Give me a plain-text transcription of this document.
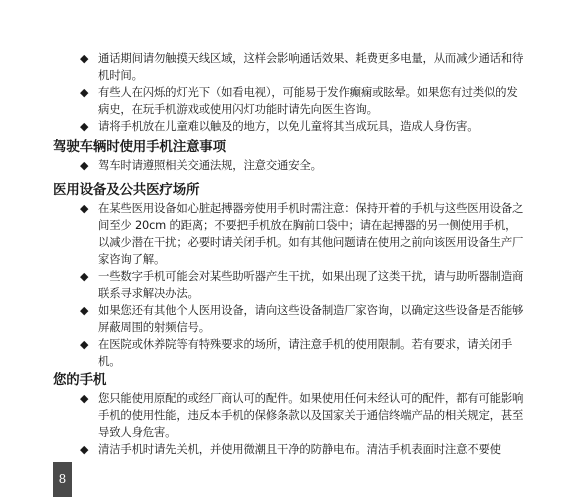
◆ 通话期间请勿触摸天线区域，这样会影响通话效果、耗费更多电量，从而减少通话和待机时间。
◆ 有些人在闪烁的灯光下（如看电视），可能易于发作癫痫或眩晕。如果您有过类似的发病史，在玩手机游戏或使用闪灯功能时请先向医生咨询。
◆ 请将手机放在儿童难以触及的地方，以免儿童将其当成玩具，造成人身伤害。
驾驶车辆时使用手机注意事项
◆ 驾车时请遵照相关交通法规，注意交通安全。
医用设备及公共医疗场所
◆ 在某些医用设备如心脏起搏器旁使用手机时需注意：保持开着的手机与这些医用设备之间至少 20cm 的距离；不要把手机放在胸前口袋中；请在起搏器的另一侧使用手机，以减少潜在干扰；必要时请关闭手机。如有其他问题请在使用之前向该医用设备生产厂家咨询了解。
◆ 一些数字手机可能会对某些助听器产生干扰，如果出现了这类干扰，请与助听器制造商联系寻求解决办法。
◆ 如果您还有其他个人医用设备，请向这些设备制造厂家咨询，以确定这些设备是否能够屏蔽周围的射频信号。
◆ 在医院或休养院等有特殊要求的场所，请注意手机的使用限制。若有要求，请关闭手机。
您的手机
◆ 您只能使用原配的或经厂商认可的配件。如果使用任何未经认可的配件，都有可能影响手机的使用性能，违反本手机的保修条款以及国家关于通信终端产品的相关规定，甚至导致人身危害。
◆ 清洁手机时请先关机，并使用微潮且干净的防静电布。清洁手机表面时注意不要使
8
